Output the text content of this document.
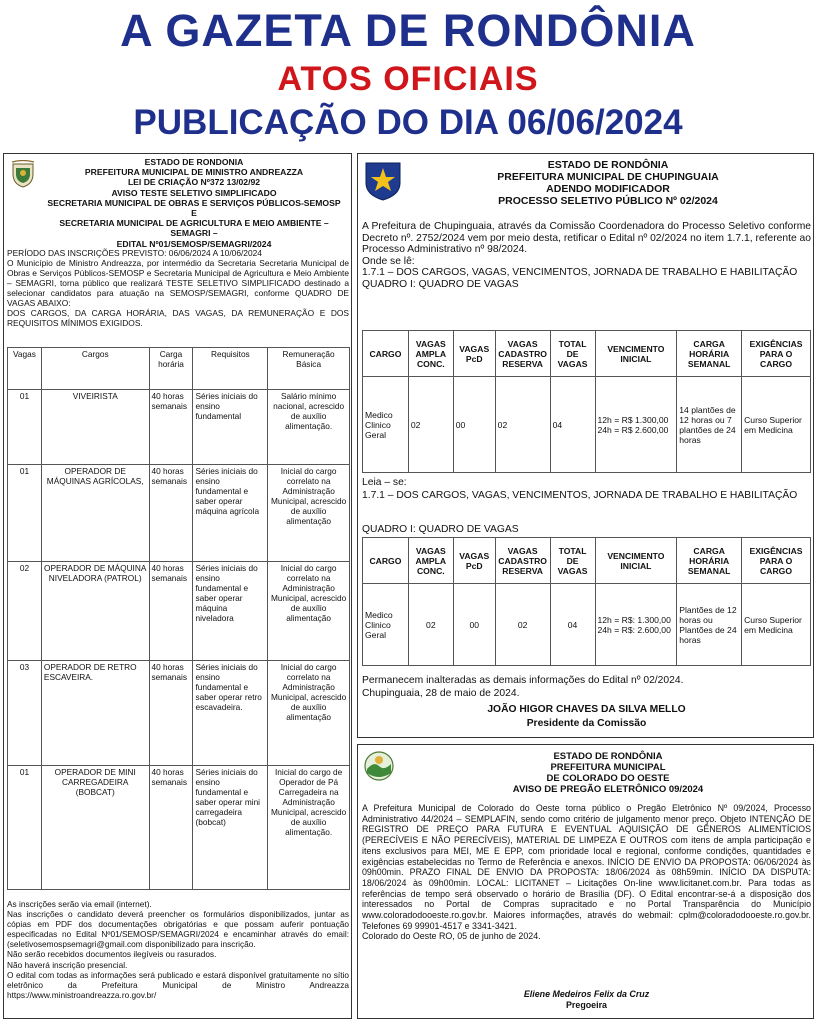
A GAZETA DE RONDÔNIA
ATOS OFICIAIS
PUBLICAÇÃO DO DIA 06/06/2024
ESTADO DE RONDONIA
PREFEITURA MUNICIPAL DE MINISTRO ANDREAZZA
LEI DE CRIAÇÃO Nº372 13/02/92
AVISO TESTE SELETIVO SIMPLIFICADO
SECRETARIA MUNICIPAL DE OBRAS E SERVIÇOS PÚBLICOS-SEMOSP E
SECRETARIA MUNICIPAL DE AGRICULTURA E MEIO AMBIENTE – SEMAGRI –
EDITAL Nº01/SEMOSP/SEMAGRI/2024
PERÍODO DAS INSCRIÇÕES PREVISTO: 06/06/2024 A 10/06/2024
O Município de Ministro Andreazza, por intermédio da Secretaria Secretaria Municipal de Obras e Serviços Públicos-SEMOSP e Secretaria Municipal de Agricultura e Meio Ambiente – SEMAGRI, torna público que realizará TESTE SELETIVO SIMPLIFICADO destinado a selecionar candidatos para atuação na SEMOSP/SEMAGRI, conforme QUADRO DE VAGAS ABAIXO:
DOS CARGOS, DA CARGA HORÁRIA, DAS VAGAS, DA REMUNERAÇÃO E DOS REQUISITOS MÍNIMOS EXIGIDOS.
Vagas	Cargos	Carga horária	Requisitos	Remuneração Básica
01	VIVEIRISTA	40 horas semanais	Séries iniciais do ensino fundamental	Salário mínimo nacional, acrescido de auxílio alimentação.
01	OPERADOR DE MÁQUINAS AGRÍCOLAS,	40 horas semanais	Séries iniciais do ensino fundamental e saber operar máquina agrícola	Inicial do cargo correlato na Administração Municipal, acrescido de auxílio alimentação
02	OPERADOR DE MÁQUINA NIVELADORA (PATROL)	40 horas semanais	Séries iniciais do ensino fundamental e saber operar máquina niveladora	Inicial do cargo correlato na Administração Municipal, acrescido de auxílio alimentação
03	OPERADOR DE RETRO ESCAVEIRA.	40 horas semanais	Séries iniciais do ensino fundamental e saber operar retro escavadeira.	Inicial do cargo correlato na Administração Municipal, acrescido de auxílio alimentação
01	OPERADOR DE MINI CARREGADEIRA (BOBCAT)	40 horas semanais	Séries iniciais do ensino fundamental e saber operar mini carregadeira (bobcat)	Inicial do cargo de Operador de Pá Carregadeira na Administração Municipal, acrescido de auxílio alimentação.
As inscrições serão via email (internet).
Nas inscrições o candidato deverá preencher os formulários disponibilizados, juntar as cópias em PDF dos documentações obrigatórias e que possam auferir pontuação especificadas no Edital Nº01/SEMOSP/SEMAGRI/2024 e encaminhar através do email: (seletivosemospsemagri@gmail.com disponibilizado para inscrição.
Não serão recebidos documentos ilegíveis ou rasurados.
Não haverá inscrição presencial.
O edital com todas as informações será publicado e estará disponível gratuitamente no sítio eletrônico da Prefeitura Municipal de Ministro Andreazza https://www.ministroandreazza.ro.gov.br/
ESTADO DE RONDÔNIA
PREFEITURA MUNICIPAL DE CHUPINGUAIA
ADENDO MODIFICADOR
PROCESSO SELETIVO PÚBLICO Nº 02/2024
A Prefeitura de Chupinguaia, através da Comissão Coordenadora do Processo Seletivo conforme Decreto nº. 2752/2024 vem por meio desta, retificar o Edital nº 02/2024 no item 1.7.1, referente ao Processo Administrativo nº 98/2024.
Onde se lê:
1.7.1 – DOS CARGOS, VAGAS, VENCIMENTOS, JORNADA DE TRABALHO E HABILITAÇÃO
QUADRO I: QUADRO DE VAGAS
CARGO	VAGAS AMPLA CONC.	VAGAS PcD	VAGAS CADASTRO RESERVA	TOTAL DE VAGAS	VENCIMENTO INICIAL	CARGA HORÁRIA SEMANAL	EXIGÊNCIAS PARA O CARGO
Medico Clinico Geral	02	00	02	04	12h = R$ 1.300,00 24h = R$ 2.600,00	14 plantões de 12 horas ou 7 plantões de 24 horas	Curso Superior em Medicina
Leia – se:
1.7.1 – DOS CARGOS, VAGAS, VENCIMENTOS, JORNADA DE TRABALHO E HABILITAÇÃO
QUADRO I: QUADRO DE VAGAS
CARGO	VAGAS AMPLA CONC.	VAGAS PcD	VAGAS CADASTRO RESERVA	TOTAL DE VAGAS	VENCIMENTO INICIAL	CARGA HORÁRIA SEMANAL	EXIGÊNCIAS PARA O CARGO
Medico Clinico Geral	02	00	02	04	12h = R$: 1.300,00 24h = R$: 2.600,00	Plantões de 12 horas ou Plantões de 24 horas	Curso Superior em Medicina
Permanecem inalteradas as demais informações do Edital nº 02/2024.
Chupinguaia, 28 de maio de 2024.
JOÃO HIGOR CHAVES DA SILVA MELLO
Presidente da Comissão
ESTADO DE RONDÔNIA
PREFEITURA MUNICIPAL
DE COLORADO DO OESTE
AVISO DE PREGÃO ELETRÔNICO 09/2024
A Prefeitura Municipal de Colorado do Oeste torna público o Pregão Eletrônico Nº 09/2024, Processo Administrativo 44/2024 – SEMPLAFIN, sendo como critério de julgamento menor preço. Objeto INTENÇÃO DE REGISTRO DE PREÇO PARA FUTURA E EVENTUAL AQUISIÇÃO DE GÊNEROS ALIMENTÍCIOS (PERECÍVEIS E NÃO PERECÍVEIS), MATERIAL DE LIMPEZA E OUTROS com itens de ampla participação e itens exclusivos para MEI, ME E EPP, com prioridade local e regional, conforme condições, quantidades e exigências estabelecidas no Termo de Referência e anexos. INÍCIO DE ENVIO DA PROPOSTA: 06/06/2024 às 09h00min. PRAZO FINAL DE ENVIO DA PROPOSTA: 18/06/2024 às 08h59min. INÍCIO DA DISPUTA: 18/06/2024 às 09h00min. LOCAL: LICITANET – Licitações On-line www.licitanet.com.br. Para todas as referências de tempo será observado o horário de Brasília (DF). O Edital encontrar-se-á a disposição dos interessados no Portal de Compras supracitado e no Portal Transparência do Município www.coloradodooeste.ro.gov.br. Maiores informações, através do webmail: cplm@coloradodooeste.ro.gov.br. Telefones 69 99901-4517 e 3341-3421.
Colorado do Oeste RO, 05 de junho de 2024.
Eliene Medeiros Felix da Cruz
Pregoeira
